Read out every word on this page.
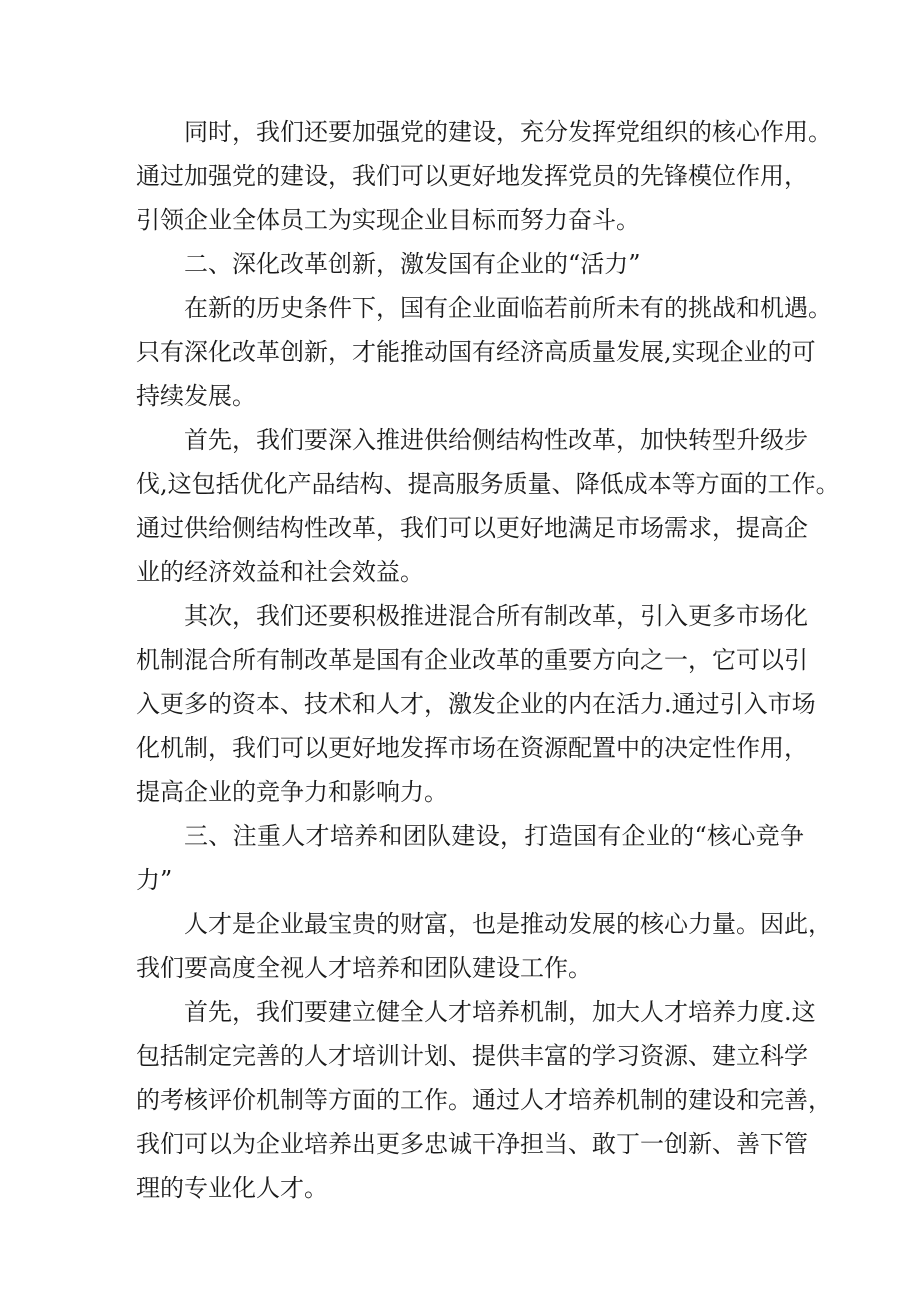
同时，我们还要加强党的建设，充分发挥党组织的核心作用。
通过加强党的建设，我们可以更好地发挥党员的先锋模位作用，
引领企业全体员工为实现企业目标而努力奋斗。
二、深化改革创新，激发国有企业的“活力”
在新的历史条件下，国有企业面临若前所未有的挑战和机遇。
只有深化改革创新，才能推动国有经济高质量发展,实现企业的可
持续发展。
首先，我们要深入推进供给侧结构性改革，加快转型升级步
伐,这包括优化产品结构、提高服务质量、降低成本等方面的工作。
通过供给侧结构性改革，我们可以更好地满足市场需求，提高企
业的经济效益和社会效益。
其次，我们还要积极推进混合所有制改革，引入更多市场化
机制混合所有制改革是国有企业改革的重要方向之一，它可以引
入更多的资本、技术和人才，激发企业的内在活力.通过引入市场
化机制，我们可以更好地发挥市场在资源配置中的决定性作用，
提高企业的竞争力和影响力。
三、注重人才培养和团队建设，打造国有企业的“核心竞争
力”
人才是企业最宝贵的财富，也是推动发展的核心力量。因此，
我们要高度全视人才培养和团队建设工作。
首先，我们要建立健全人才培养机制，加大人才培养力度.这
包括制定完善的人才培训计划、提供丰富的学习资源、建立科学
的考核评价机制等方面的工作。通过人才培养机制的建设和完善，
我们可以为企业培养出更多忠诚干净担当、敢丁一创新、善下管
理的专业化人才。
